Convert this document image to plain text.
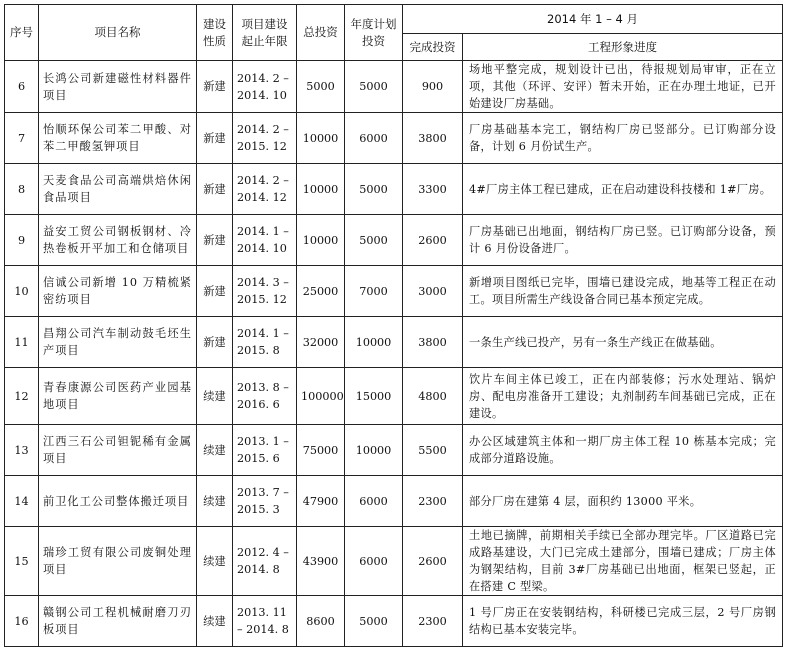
序号	项目名称	建设性质	项目建设起止年限	总投资	年度计划投资	2014 年 1 – 4 月	
						完成投资	工程形象进度
6	长鸿公司新建磁性材料器件项目	新建	2014. 2 – 2014. 10	5000	5000	900	场地平整完成，规划设计已出，待报规划局审审，正在立项，其他（环评、安评）暂未开始，正在办理土地证，已开始建设厂房基础。
7	怡顺环保公司苯二甲酸、对苯二甲酸氢钾项目	新建	2014. 2 – 2015. 12	10000	6000	3800	厂房基础基本完工，钢结构厂房已竖部分。已订购部分设备，计划 6 月份试生产。
8	天麦食品公司高端烘焙休闲食品项目	新建	2014. 2 – 2014. 12	10000	5000	3300	4#厂房主体工程已建成，正在启动建设科技楼和 1#厂房。
9	益安工贸公司钢板钢材、冷热卷板开平加工和仓储项目	新建	2014. 1 – 2014. 10	10000	5000	2600	厂房基础已出地面，钢结构厂房已竖。已订购部分设备，预计 6 月份设备进厂。
10	信诚公司新增 10 万精梳紧密纺项目	新建	2014. 3 – 2015. 12	25000	7000	3000	新增项目图纸已完毕，围墙已建设完成，地基等工程正在动工。项目所需生产线设备合同已基本预定完成。
11	昌翔公司汽车制动鼓毛坯生产项目	新建	2014. 1 – 2015. 8	32000	10000	3800	一条生产线已投产，另有一条生产线正在做基础。
12	青春康源公司医药产业园基地项目	续建	2013. 8 – 2016. 6	100000	15000	4800	饮片车间主体已竣工，正在内部装修；污水处理站、锅炉房、配电房准备开工建设；丸剂制药车间基础已完成，正在建设。
13	江西三石公司钽铌稀有金属项目	续建	2013. 1 – 2015. 6	75000	10000	5500	办公区域建筑主体和一期厂房主体工程 10 栋基本完成；完成部分道路设施。
14	前卫化工公司整体搬迁项目	续建	2013. 7 – 2015. 3	47900	6000	2300	部分厂房在建第 4 层，面积约 13000 平米。
15	瑞珍工贸有限公司废铜处理项目	续建	2012. 4 – 2014. 8	43900	6000	2600	土地已摘牌，前期相关手续已全部办理完毕。厂区道路已完成路基建设，大门已完成土建部分，围墙已建成；厂房主体为钢架结构，目前 3#厂房基础已出地面，框架已竖起，正在搭建 C 型梁。
16	赣钢公司工程机械耐磨刀刃板项目	续建	2013. 11 – 2014. 8	8600	5000	2300	1 号厂房正在安装钢结构，科研楼已完成三层，2 号厂房钢结构已基本安装完毕。
